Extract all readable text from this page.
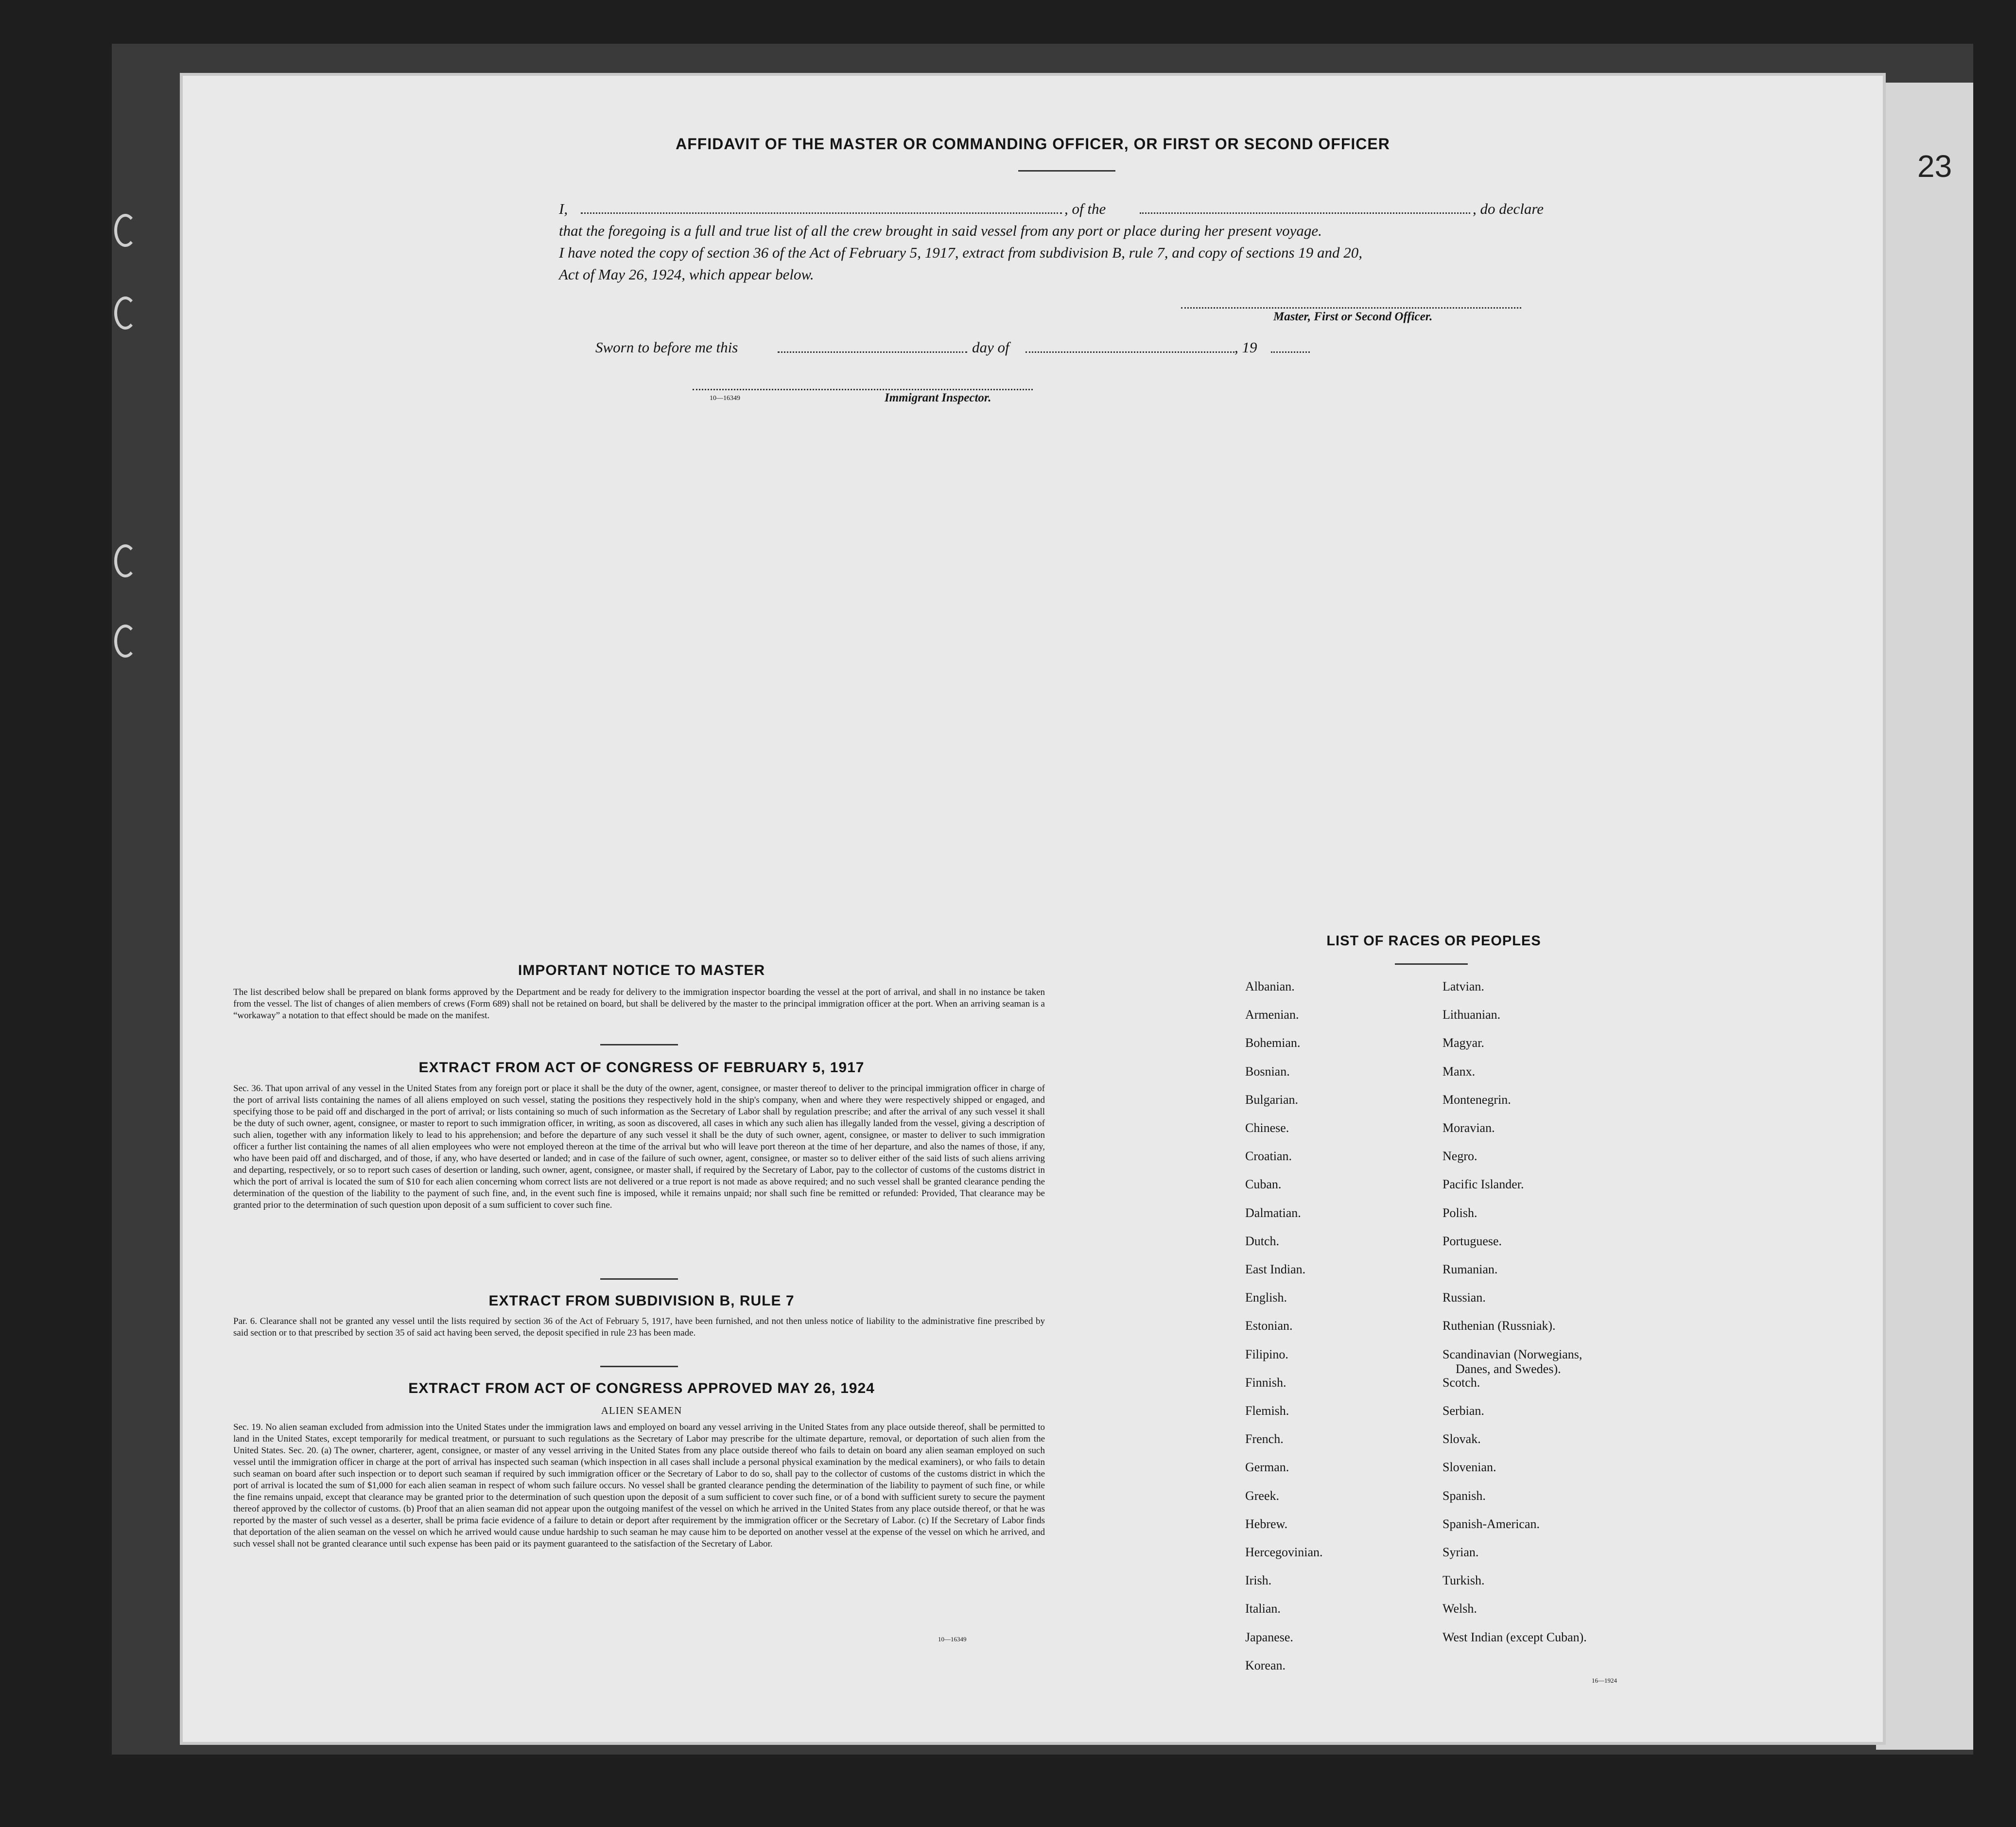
23
AFFIDAVIT OF THE MASTER OR COMMANDING OFFICER, OR FIRST OR SECOND OFFICER
I,	, of the	, do declare
that the foregoing is a full and true list of all the crew brought in said vessel from any port or place during her present voyage.
I have noted the copy of section 36 of the Act of February 5, 1917, extract from subdivision B, rule 7, and copy of sections 19 and 20,
Act of May 26, 1924, which appear below.
Master, First or Second Officer.
Sworn to before me this	day of	, 19
10—16349	Immigrant Inspector.
IMPORTANT NOTICE TO MASTER
The list described below shall be prepared on blank forms approved by the Department and be ready for delivery to the immigration inspector boarding the vessel at the port of arrival, and shall in no instance be taken from the vessel. The list of changes of alien members of crews (Form 689) shall not be retained on board, but shall be delivered by the master to the principal immigration officer at the port. When an arriving seaman is a “workaway” a notation to that effect should be made on the manifest.
EXTRACT FROM ACT OF CONGRESS OF FEBRUARY 5, 1917
Sec. 36. That upon arrival of any vessel in the United States from any foreign port or place it shall be the duty of the owner, agent, consignee, or master thereof to deliver to the principal immigration officer in charge of the port of arrival lists containing the names of all aliens employed on such vessel, stating the positions they respectively hold in the ship's company, when and where they were respectively shipped or engaged, and specifying those to be paid off and discharged in the port of arrival; or lists containing so much of such information as the Secretary of Labor shall by regulation prescribe; and after the arrival of any such vessel it shall be the duty of such owner, agent, consignee, or master to report to such immigration officer, in writing, as soon as discovered, all cases in which any such alien has illegally landed from the vessel, giving a description of such alien, together with any information likely to lead to his apprehension; and before the departure of any such vessel it shall be the duty of such owner, agent, consignee, or master to deliver to such immigration officer a further list containing the names of all alien employees who were not employed thereon at the time of the arrival but who will leave port thereon at the time of her departure, and also the names of those, if any, who have been paid off and discharged, and of those, if any, who have deserted or landed; and in case of the failure of such owner, agent, consignee, or master so to deliver either of the said lists of such aliens arriving and departing, respectively, or so to report such cases of desertion or landing, such owner, agent, consignee, or master shall, if required by the Secretary of Labor, pay to the collector of customs of the customs district in which the port of arrival is located the sum of $10 for each alien concerning whom correct lists are not delivered or a true report is not made as above required; and no such vessel shall be granted clearance pending the determination of the question of the liability to the payment of such fine, and, in the event such fine is imposed, while it remains unpaid; nor shall such fine be remitted or refunded: Provided, That clearance may be granted prior to the determination of such question upon deposit of a sum sufficient to cover such fine.
EXTRACT FROM SUBDIVISION B, RULE 7
Par. 6. Clearance shall not be granted any vessel until the lists required by section 36 of the Act of February 5, 1917, have been furnished, and not then unless notice of liability to the administrative fine prescribed by said section or to that prescribed by section 35 of said act having been served, the deposit specified in rule 23 has been made.
EXTRACT FROM ACT OF CONGRESS APPROVED MAY 26, 1924
ALIEN SEAMEN
Sec. 19. No alien seaman excluded from admission into the United States under the immigration laws and employed on board any vessel arriving in the United States from any place outside thereof, shall be permitted to land in the United States, except temporarily for medical treatment, or pursuant to such regulations as the Secretary of Labor may prescribe for the ultimate departure, removal, or deportation of such alien from the United States. Sec. 20. (a) The owner, charterer, agent, consignee, or master of any vessel arriving in the United States from any place outside thereof who fails to detain on board any alien seaman employed on such vessel until the immigration officer in charge at the port of arrival has inspected such seaman (which inspection in all cases shall include a personal physical examination by the medical examiners), or who fails to detain such seaman on board after such inspection or to deport such seaman if required by such immigration officer or the Secretary of Labor to do so, shall pay to the collector of customs of the customs district in which the port of arrival is located the sum of $1,000 for each alien seaman in respect of whom such failure occurs. No vessel shall be granted clearance pending the determination of the liability to payment of such fine, or while the fine remains unpaid, except that clearance may be granted prior to the determination of such question upon the deposit of a sum sufficient to cover such fine, or of a bond with sufficient surety to secure the payment thereof approved by the collector of customs. (b) Proof that an alien seaman did not appear upon the outgoing manifest of the vessel on which he arrived in the United States from any place outside thereof, or that he was reported by the master of such vessel as a deserter, shall be prima facie evidence of a failure to detain or deport after requirement by the immigration officer or the Secretary of Labor. (c) If the Secretary of Labor finds that deportation of the alien seaman on the vessel on which he arrived would cause undue hardship to such seaman he may cause him to be deported on another vessel at the expense of the vessel on which he arrived, and such vessel shall not be granted clearance until such expense has been paid or its payment guaranteed to the satisfaction of the Secretary of Labor.
10—16349
LIST OF RACES OR PEOPLES
16—1924
Albanian.
Armenian.
Bohemian.
Bosnian.
Bulgarian.
Chinese.
Croatian.
Cuban.
Dalmatian.
Dutch.
East Indian.
English.
Estonian.
Filipino.
Finnish.
Flemish.
French.
German.
Greek.
Hebrew.
Hercegovinian.
Irish.
Italian.
Japanese.
Korean.
Latvian.
Lithuanian.
Magyar.
Manx.
Montenegrin.
Moravian.
Negro.
Pacific Islander.
Polish.
Portuguese.
Rumanian.
Russian.
Ruthenian (Russniak).
Scandinavian (Norwegians,
Danes, and Swedes).
Scotch.
Serbian.
Slovak.
Slovenian.
Spanish.
Spanish-American.
Syrian.
Turkish.
Welsh.
West Indian (except Cuban).
